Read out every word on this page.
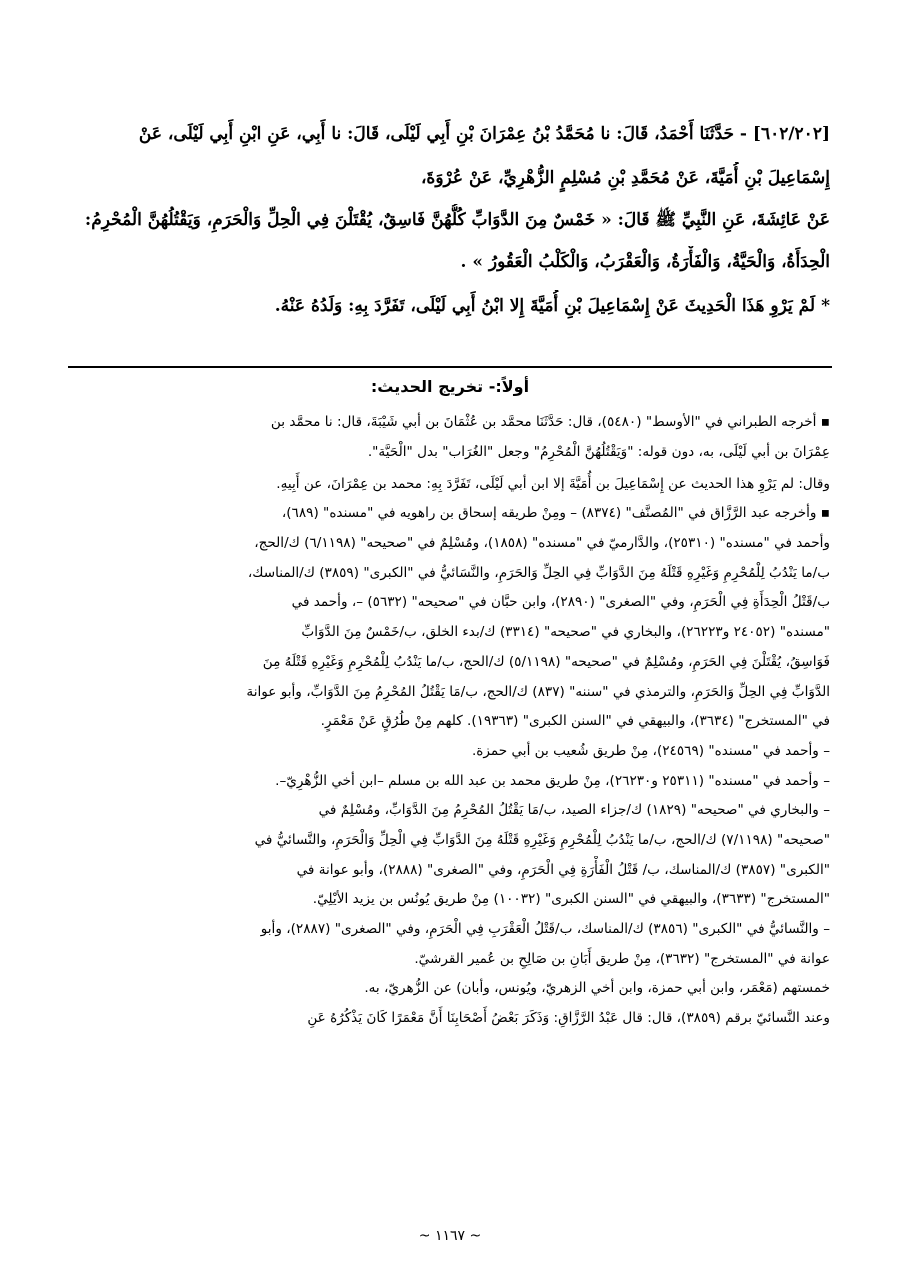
[٦٠٢/٢٠٢] - حَدَّثَنَا أَحْمَدُ، قَالَ: نا مُحَمَّدُ بْنُ عِمْرَانَ بْنِ أَبِي لَيْلَى، قَالَ: نا أَبِي، عَنِ ابْنِ أَبِي لَيْلَى، عَنْ

إِسْمَاعِيلَ بْنِ أُمَيَّةَ، عَنْ مُحَمَّدِ بْنِ مُسْلِمٍ الزُّهْرِيِّ، عَنْ عُرْوَةَ،

عَنْ عَائِشَةَ، عَنِ النَّبِيِّ ﷺ قَالَ: « خَمْسٌ مِنَ الدَّوَابِّ كُلُّهُنَّ فَاسِقٌ، يُقْتَلْنَ فِي الْحِلِّ وَالْحَرَمِ، وَيَقْتُلُهُنَّ الْمُحْرِمُ:

الْحِدَأَةُ، وَالْحَيَّةُ، وَالْفَأْرَةُ، وَالْعَقْرَبُ، وَالْكَلْبُ الْعَقُورُ » .

*لَمْ يَرْوِ هَذَا الْحَدِيثَ عَنْ إِسْمَاعِيلَ بْنِ أُمَيَّةَ إِلا ابْنُ أَبِي لَيْلَى، تَفَرَّدَ بِهِ: وَلَدُهُ عَنْهُ.

أولاً:- تخريج الحديث:

▪ أخرجه الطبراني في "الأوسط" (٥٤٨٠)، قال: حَدَّثَنَا محمَّد بن عُثْمَانَ بن أبي شَيْبَةَ، قال: نا محمَّد بن

عِمْرَانَ بن أبي لَيْلَى، به، دون قوله: "وَيَقْتُلُهُنَّ الْمُحْرِمُ" وجعل "الغُرَاب" بدل "الْحَيَّة".

وقال: لم يَرْوِ هذا الحديث عن إِسْمَاعِيلَ بن أُمَيَّةَ إلا ابن أبي لَيْلَى، تَفَرَّدَ بِهِ: محمد بن عِمْرَانَ، عن أَبِيهِ.

▪ وأخرجه عبد الرَّزَّاق في "المُصنَّف" (٨٣٧٤) – ومِنْ طريقه إسحاق بن راهويه في "مسنده" (٦٨٩)،

وأحمد في "مسنده" (٢٥٣١٠)، والدَّارميّ في "مسنده" (١٨٥٨)، ومُسْلِمٌ في "صحيحه" (٦/١١٩٨) ك/الحج،

ب/ما يَنْدُبُ لِلْمُحْرِمِ وَغَيْرِهِ قَتْلَهُ مِنَ الدَّوَابِّ فِي الحِلِّ وَالحَرَمِ، والنَّسَائيُّ في "الكبرى" (٣٨٥٩) ك/المناسك،

ب/قَتْلُ الْحِدَأَةِ فِي الْحَرَمِ، وفي "الصغرى" (٢٨٩٠)، وابن حبَّان في "صحيحه" (٥٦٣٢) –، وأحمد في

"مسنده" (٢٤٠٥٢ و٢٦٢٢٣)، والبخاري في "صحيحه" (٣٣١٤) ك/بدء الخلق، ب/خَمْسٌ مِنَ الدَّوَابِّ

فَوَاسِقُ، يُقْتَلْنَ فِي الحَرَمِ، ومُسْلِمٌ في "صحيحه" (٥/١١٩٨) ك/الحج، ب/ما يَنْدُبُ لِلْمُحْرِمِ وَغَيْرِهِ قَتْلَهُ مِنَ

الدَّوَابِّ فِي الحِلِّ وَالحَرَمِ، والترمذي في "سننه" (٨٣٧) ك/الحج، ب/مَا يَقْتُلُ المُحْرِمُ مِنَ الدَّوَابِّ، وأبو عوانة

في "المستخرج" (٣٦٣٤)، والبيهقي في "السنن الكبرى" (١٩٣٦٣). كلهم مِنْ طُرُقٍ عَنْ مَعْمَرٍ.

– وأحمد في "مسنده" (٢٤٥٦٩)، مِنْ طريق شُعيب بن أبي حمزة.

– وأحمد في "مسنده" (٢٥٣١١ و٢٦٢٣٠)، مِنْ طريق محمد بن عبد الله بن مسلم –ابن أخي الزُّهْرِيّ–.

– والبخاري في "صحيحه" (١٨٢٩) ك/جزاء الصيد، ب/مَا يَقْتُلُ المُحْرِمُ مِنَ الدَّوَابِّ، ومُسْلِمٌ في

"صحيحه" (٧/١١٩٨) ك/الحج، ب/ما يَنْدُبُ لِلْمُحْرِمِ وَغَيْرِهِ قَتْلَهُ مِنَ الدَّوَابِّ فِي الْحِلِّ وَالْحَرَمِ، والنَّسائيُّ في

"الكبرى" (٣٨٥٧) ك/المناسك، ب/ قَتْلُ الْفَأْرَةِ فِي الْحَرَمِ، وفي "الصغرى" (٢٨٨٨)، وأبو عوانة في

"المستخرج" (٣٦٣٣)، والبيهقي في "السنن الكبرى" (١٠٠٣٢) مِنْ طريق يُونُس بن يزيد الأيْلِيّ.

– والنَّسائيُّ في "الكبرى" (٣٨٥٦) ك/المناسك، ب/قَتْلُ الْعَقْرَبِ فِي الْحَرَمِ، وفي "الصغرى" (٢٨٨٧)، وأبو

عوانة في "المستخرج" (٣٦٣٢)، مِنْ طريق أَبَانِ بن صَالِحِ بن عُمير القرشيّ.

خمستهم (مَعْمَر، وابن أبي حمزة، وابن أخي الزهريّ، ويُونس، وأبان) عن الزُّهريّ، به.

وعند النَّسائيّ برقم (٣٨٥٩)، قال: قال عَبْدُ الرَّزَّاقِ: وَذَكَرَ بَعْضُ أَصْحَابِنَا أَنَّ مَعْمَرًا كَانَ يَذْكُرُهُ عَنِ

~ ١١٦٧ ~
